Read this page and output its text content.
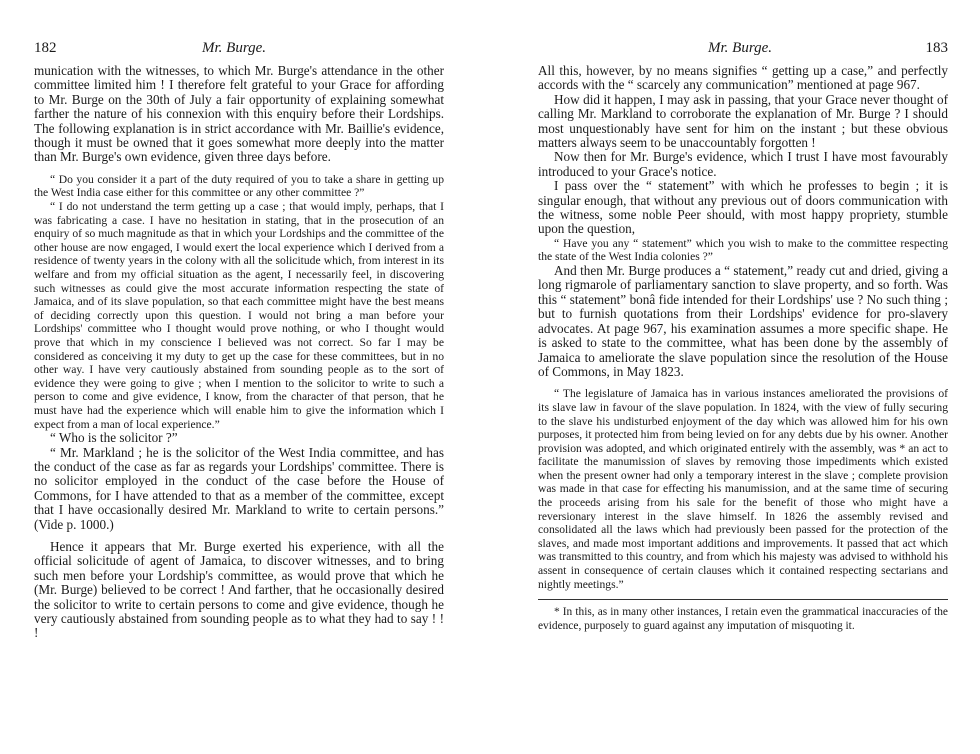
182	Mr. Burge.

munication with the witnesses, to which Mr. Burge's attendance in the other committee limited him ! I therefore felt grateful to your Grace for affording to Mr. Burge on the 30th of July a fair opportunity of explaining somewhat farther the nature of his connexion with this enquiry before their Lordships. The following explanation is in strict accordance with Mr. Baillie's evidence, though it must be owned that it goes somewhat more deeply into the matter than Mr. Burge's own evidence, given three days before.

“ Do you consider it a part of the duty required of you to take a share in getting up the West India case either for this committee or any other committee ?”

“ I do not understand the term getting up a case ; that would imply, perhaps, that I was fabricating a case. I have no hesitation in stating, that in the prosecution of an enquiry of so much magnitude as that in which your Lordships and the committee of the other house are now engaged, I would exert the local experience which I derived from a residence of twenty years in the colony with all the solicitude which, from interest in its welfare and from my official situation as the agent, I necessarily feel, in discovering such witnesses as could give the most accurate information respecting the state of Jamaica, and of its slave population, so that each committee might have the best means of deciding correctly upon this question. I would not bring a man before your Lordships' committee who I thought would prove nothing, or who I thought would prove that which in my conscience I believed was not correct. So far I may be considered as conceiving it my duty to get up the case for these committees, but in no other way. I have very cautiously abstained from sounding people as to the sort of evidence they were going to give ; when I mention to the solicitor to write to such a person to come and give evidence, I know, from the character of that person, that he must have had the experience which will enable him to give the information which I expect from a man of local experience.”

“ Who is the solicitor ?”

“ Mr. Markland ; he is the solicitor of the West India committee, and has the conduct of the case as far as regards your Lordships' committee. There is no solicitor employed in the conduct of the case before the House of Commons, for I have attended to that as a member of the committee, except that I have occasionally desired Mr. Markland to write to certain persons.” (Vide p. 1000.)

Hence it appears that Mr. Burge exerted his experience, with all the official solicitude of agent of Jamaica, to discover witnesses, and to bring such men before your Lordship's committee, as would prove that which he (Mr. Burge) believed to be correct ! And farther, that he occasionally desired the solicitor to write to certain persons to come and give evidence, though he very cautiously abstained from sounding people as to what they had to say ! ! !

Mr. Burge.	183

All this, however, by no means signifies “ getting up a case,” and perfectly accords with the “ scarcely any communication” mentioned at page 967.

How did it happen, I may ask in passing, that your Grace never thought of calling Mr. Markland to corroborate the explanation of Mr. Burge ? I should most unquestionably have sent for him on the instant ; but these obvious matters always seem to be unaccountably forgotten !

Now then for Mr. Burge's evidence, which I trust I have most favourably introduced to your Grace's notice.

I pass over the “ statement” with which he professes to begin ; it is singular enough, that without any previous out of doors communication with the witness, some noble Peer should, with most happy propriety, stumble upon the question,

“ Have you any “ statement” which you wish to make to the committee respecting the state of the West India colonies ?”

And then Mr. Burge produces a “ statement,” ready cut and dried, giving a long rigmarole of parliamentary sanction to slave property, and so forth. Was this “ statement” bonâ fide intended for their Lordships' use ? No such thing ; but to furnish quotations from their Lordships' evidence for pro-slavery advocates. At page 967, his examination assumes a more specific shape. He is asked to state to the committee, what has been done by the assembly of Jamaica to ameliorate the slave population since the resolution of the House of Commons, in May 1823.

“ The legislature of Jamaica has in various instances ameliorated the provisions of its slave law in favour of the slave population. In 1824, with the view of fully securing to the slave his undisturbed enjoyment of the day which was allowed him for his own purposes, it protected him from being levied on for any debts due by his owner. Another provision was adopted, and which originated entirely with the assembly, was * an act to facilitate the manumission of slaves by removing those impediments which existed when the present owner had only a temporary interest in the slave ; complete provision was made in that case for effecting his manumission, and at the same time of securing the proceeds arising from his sale for the benefit of those who might have a reversionary interest in the slave himself. In 1826 the assembly revised and consolidated all the laws which had previously been passed for the protection of the slaves, and made most important additions and improvements. It passed that act which was transmitted to this country, and from which his majesty was advised to withhold his assent in consequence of certain clauses which it contained respecting sectarians and nightly meetings.”

* In this, as in many other instances, I retain even the grammatical inaccuracies of the evidence, purposely to guard against any imputation of misquoting it.
